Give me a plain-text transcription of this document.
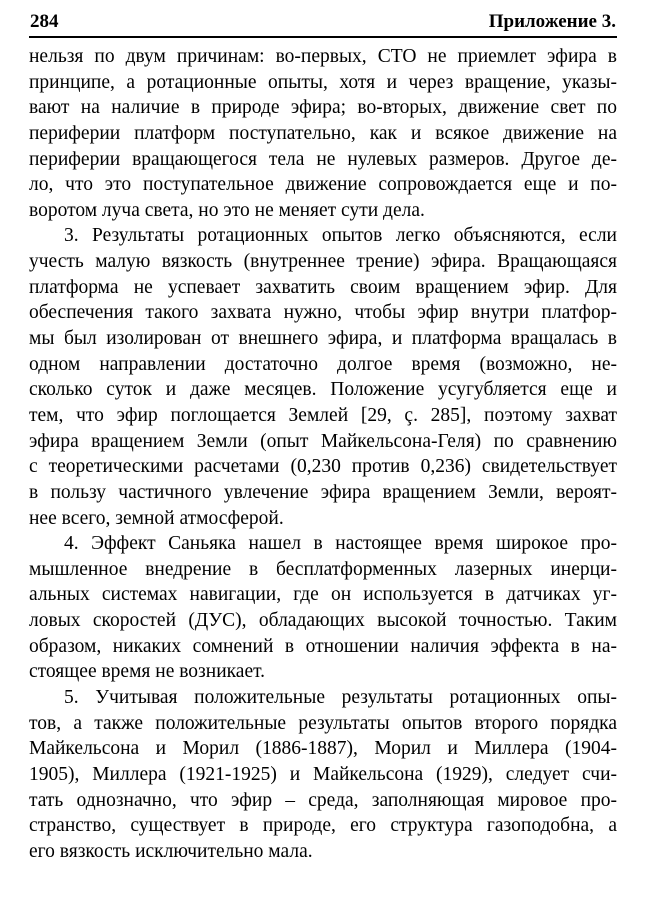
284	Приложение 3.
нельзя по двум причинам: во-первых, СТО не приемлет эфира в
принципе, а ротационные опыты, хотя и через вращение, указы-
вают на наличие в природе эфира; во-вторых, движение свет по
периферии платформ поступательно, как и всякое движение на
периферии вращающегося тела не нулевых размеров. Другое де-
ло, что это поступательное движение сопровождается еще и по-
воротом луча света, но это не меняет сути дела.
3. Результаты ротационных опытов легко объясняются, если
учесть малую вязкость (внутреннее трение) эфира. Вращающаяся
платформа не успевает захватить своим вращением эфир. Для
обеспечения такого захвата нужно, чтобы эфир внутри платфор-
мы был изолирован от внешнего эфира, и платформа вращалась в
одном направлении достаточно долгое время (возможно, не-
сколько суток и даже месяцев. Положение усугубляется еще и
тем, что эфир поглощается Землей [29, ç. 285], поэтому захват
эфира вращением Земли (опыт Майкельсона-Геля) по сравнению
с теоретическими расчетами (0,230 против 0,236) свидетельствует
в пользу частичного увлечение эфира вращением Земли, вероят-
нее всего, земной атмосферой.
4. Эффект Саньяка нашел в настоящее время широкое про-
мышленное внедрение в бесплатформенных лазерных инерци-
альных системах навигации, где он используется в датчиках уг-
ловых скоростей (ДУС), обладающих высокой точностью. Таким
образом, никаких сомнений в отношении наличия эффекта в на-
стоящее время не возникает.
5. Учитывая положительные результаты ротационных опы-
тов, а также положительные результаты опытов второго порядка
Майкельсона и Морил (1886-1887), Морил и Миллера (1904-
1905), Миллера (1921-1925) и Майкельсона (1929), следует счи-
тать однозначно, что эфир – среда, заполняющая мировое про-
странство, существует в природе, его структура газоподобна, а
его вязкость исключительно мала.
